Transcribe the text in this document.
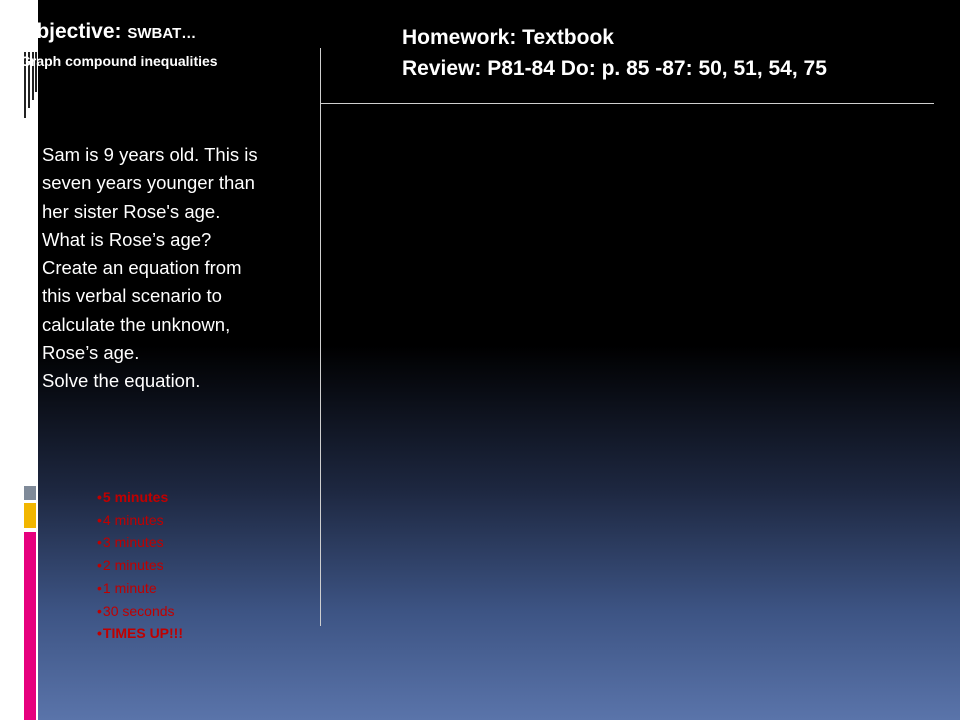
Objective: SWBAT…
Graph compound inequalities
Homework: Textbook
Review: P81-84 Do: p. 85 -87: 50, 51, 54, 75
Sam is 9 years old. This is
seven years younger than
her sister Rose's age.
What is Rose’s age?
Create an equation from
this verbal scenario to
calculate the unknown,
Rose’s age.
Solve the equation.
• 5 minutes
• 4 minutes
• 3 minutes
• 2 minutes
• 1 minute
• 30 seconds
• TIMES UP!!!
